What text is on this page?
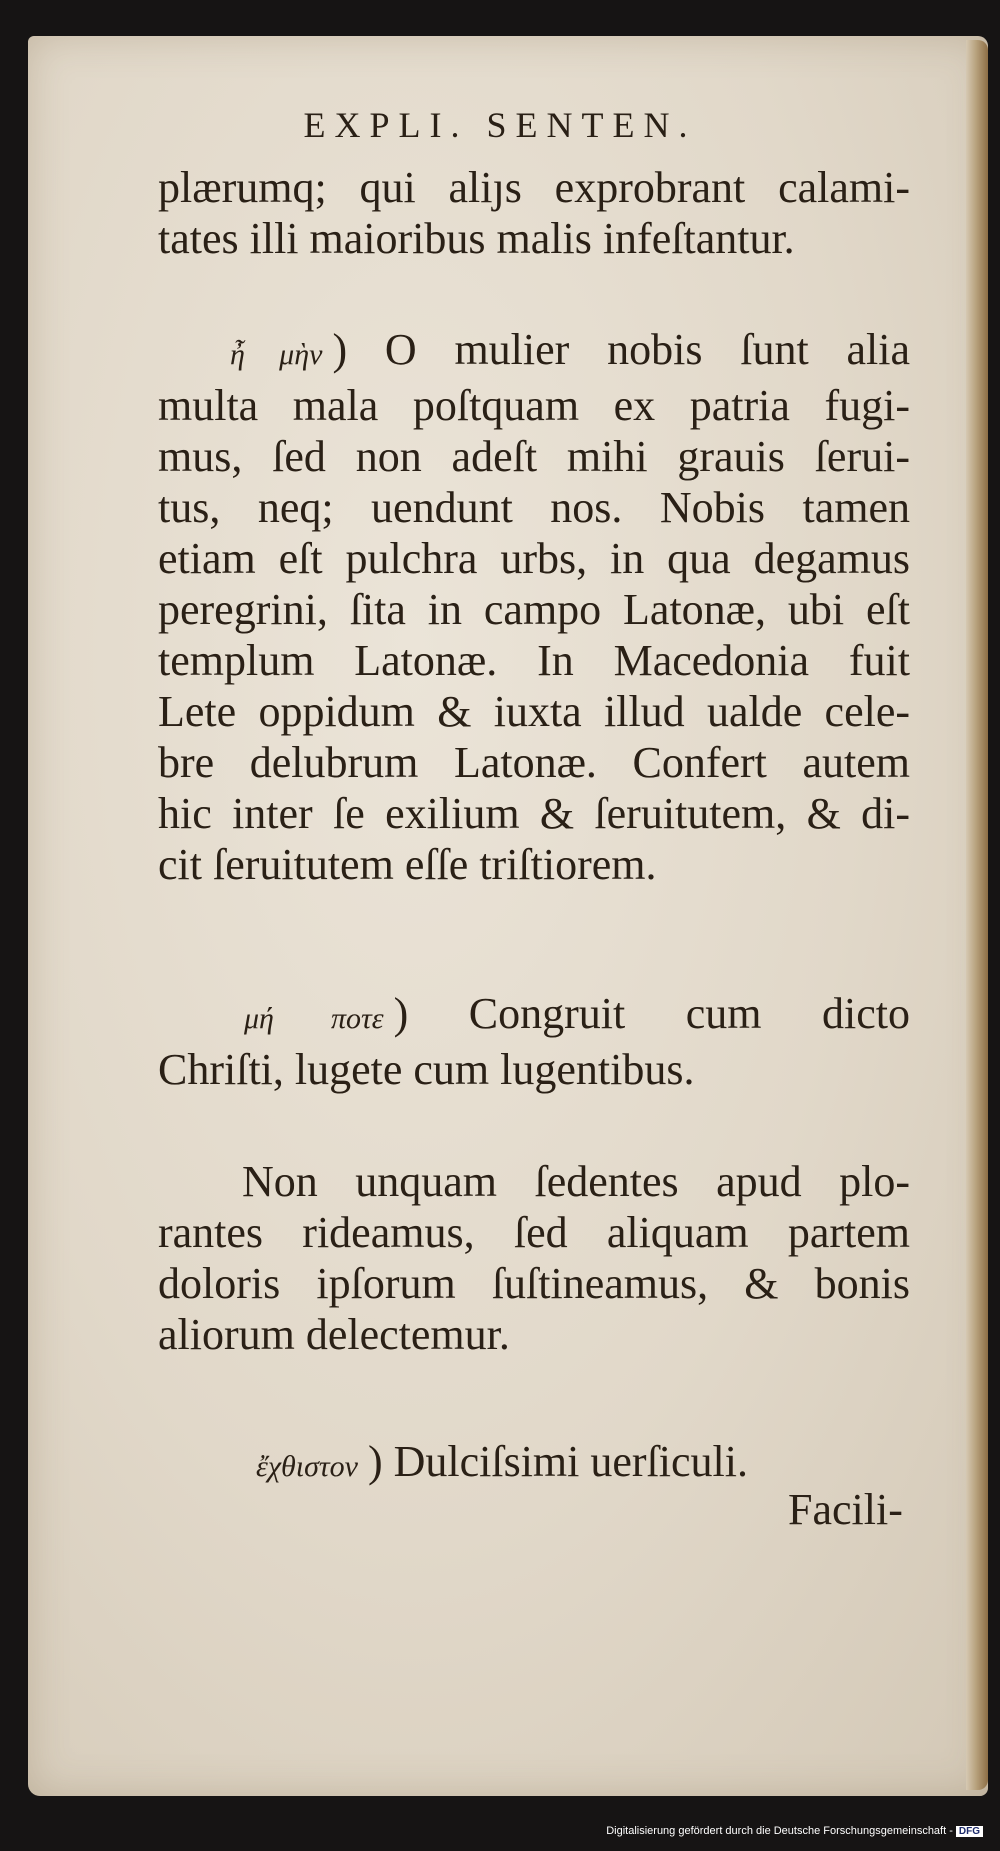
EXPLI. SENTEN.
plærumq; qui aliȷs exprobrant calami-
tates illi maioribus malis infeſtantur.
ἦ μὴν ) O mulier nobis ſunt alia
multa mala poſtquam ex patria fugi-
mus, ſed non adeſt mihi grauis ſerui-
tus, neq; uendunt nos. Nobis tamen
etiam eſt pulchra urbs, in qua degamus
peregrini, ſita in campo Latonæ, ubi eſt
templum Latonæ. In Macedonia fuit
Lete oppidum & iuxta illud ualde cele-
bre delubrum Latonæ. Confert autem
hic inter ſe exilium & ſeruitutem, & di-
cit ſeruitutem eſſe triſtiorem.
μή ποτε ) Congruit cum dicto
Chriſti, lugete cum lugentibus.
Non unquam ſedentes apud plo-
rantes rideamus, ſed aliquam partem
doloris ipſorum ſuſtineamus, & bonis
aliorum delectemur.
ἔχθιστον ) Dulciſsimi uerſiculi.
Facili-
Digitalisierung gefördert durch die Deutsche Forschungsgemeinschaft - DFG
